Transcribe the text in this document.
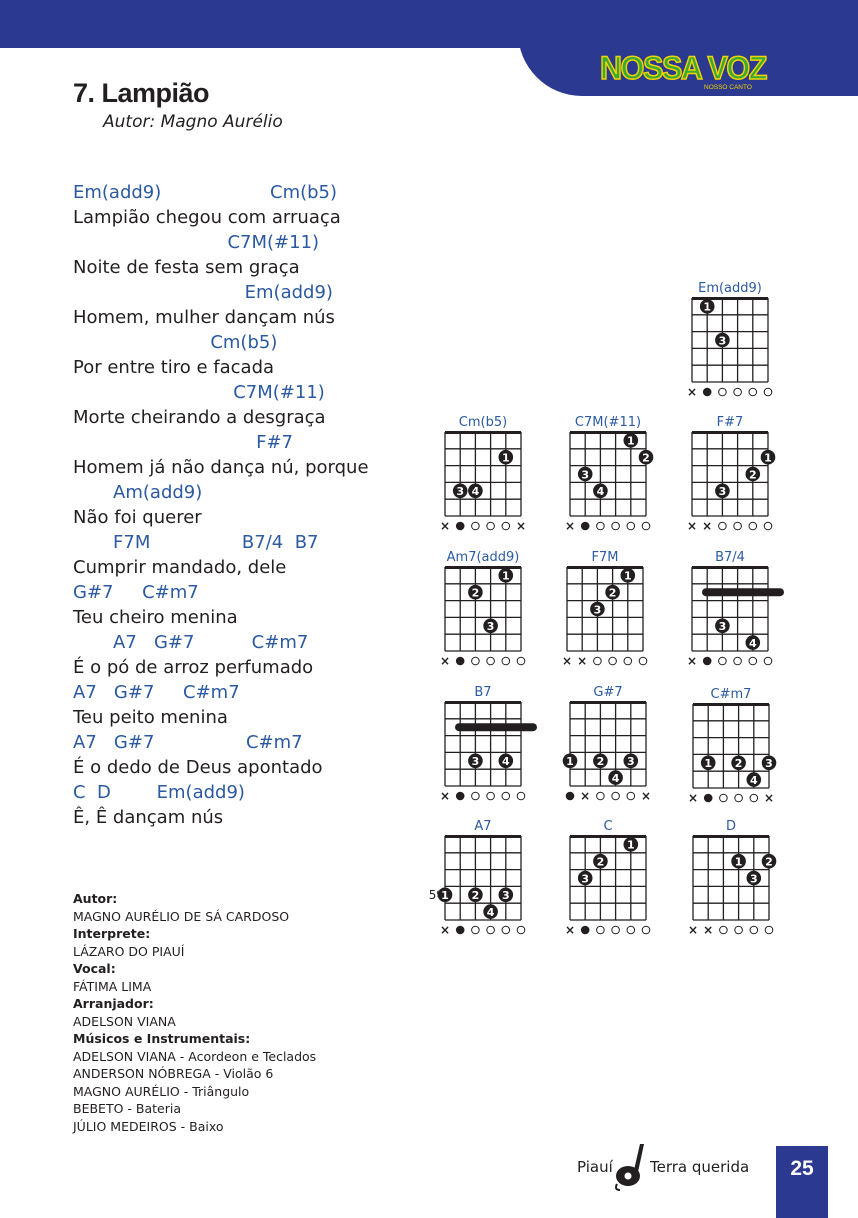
NOSSA VOZ
NOSSO CANTO
7. Lampião
Autor: Magno Aurélio
Em(add9)                   Cm(b5)
Lampião chegou com arruaça
C7M(#11)
Noite de festa sem graça
Em(add9)
Homem, mulher dançam nús
Cm(b5)
Por entre tiro e facada
C7M(#11)
Morte cheirando a desgraça
F#7
Homem já não dança nú, porque
Am(add9)
Não foi querer
F7M                B7/4  B7
Cumprir mandado, dele
G#7     C#m7
Teu cheiro menina
A7   G#7          C#m7
É o pó de arroz perfumado
A7   G#7     C#m7
Teu peito menina
A7   G#7                C#m7
É o dedo de Deus apontado
C  D        Em(add9)
Ê, Ê dançam nús
Autor:
MAGNO AURÉLIO DE SÁ CARDOSO
Interprete:
LÁZARO DO PIAUÍ
Vocal:
FÁTIMA LIMA
Arranjador:
ADELSON VIANA
Músicos e Instrumentais:
ADELSON VIANA - Acordeon e Teclados
ANDERSON NÓBREGA - Violão 6
MAGNO AURÉLIO - Triângulo
BEBETO - Bateria
JÚLIO MEDEIROS - Baixo
Em(add9)
1
3
×
Cm(b5)
1
3 4
×	×
C7M(#11)
1
2
3
4
×
F#7
1
2
3
× ×
Am7(add9)
1
2
3
×
F7M
1
2
3
× ×
B7/4
3
4
×
B7
3 4
×
G#7
1 2 3
4
×	×
C#m7
1 2 3
4
×	×
A7
1 2 3
4
5º
×
C
1
2
3
×
D
1 2
3
× ×
Piauí Terra querida	25
